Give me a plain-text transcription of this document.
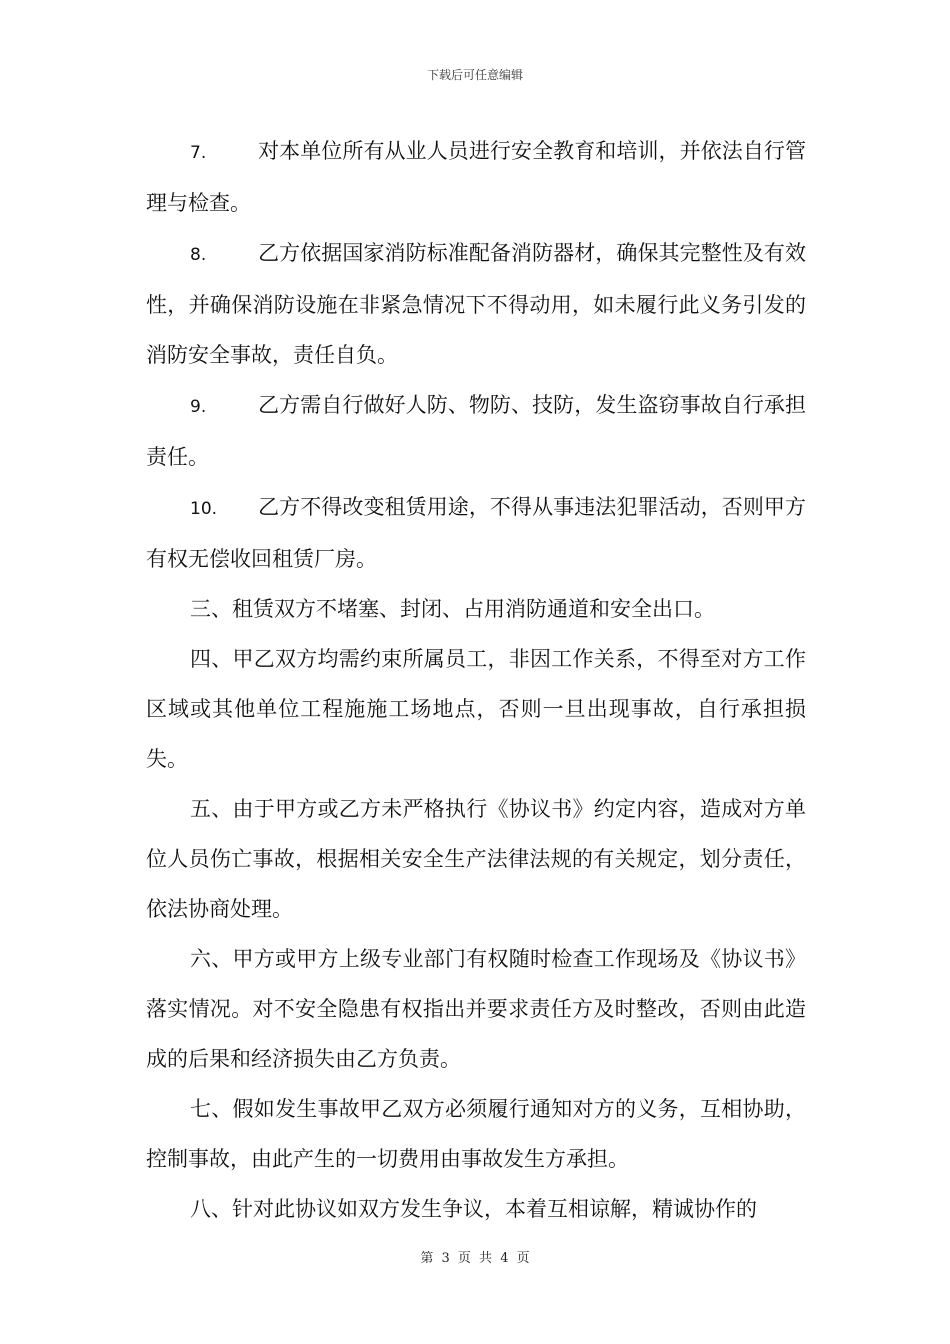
下载后可任意编辑

7. 对本单位所有从业人员进行安全教育和培训，并依法自行管理与检查。

8. 乙方依据国家消防标准配备消防器材，确保其完整性及有效性，并确保消防设施在非紧急情况下不得动用，如未履行此义务引发的消防安全事故，责任自负。

9. 乙方需自行做好人防、物防、技防，发生盗窃事故自行承担责任。

10. 乙方不得改变租赁用途，不得从事违法犯罪活动，否则甲方有权无偿收回租赁厂房。

三、租赁双方不堵塞、封闭、占用消防通道和安全出口。

四、甲乙双方均需约束所属员工，非因工作关系，不得至对方工作区域或其他单位工程施施工场地点，否则一旦出现事故，自行承担损失。

五、由于甲方或乙方未严格执行《协议书》约定内容，造成对方单位人员伤亡事故，根据相关安全生产法律法规的有关规定，划分责任，依法协商处理。

六、甲方或甲方上级专业部门有权随时检查工作现场及《协议书》落实情况。对不安全隐患有权指出并要求责任方及时整改，否则由此造成的后果和经济损失由乙方负责。

七、假如发生事故甲乙双方必须履行通知对方的义务，互相协助，控制事故，由此产生的一切费用由事故发生方承担。

八、针对此协议如双方发生争议，本着互相谅解，精诚协作的

第 3 页 共 4 页
